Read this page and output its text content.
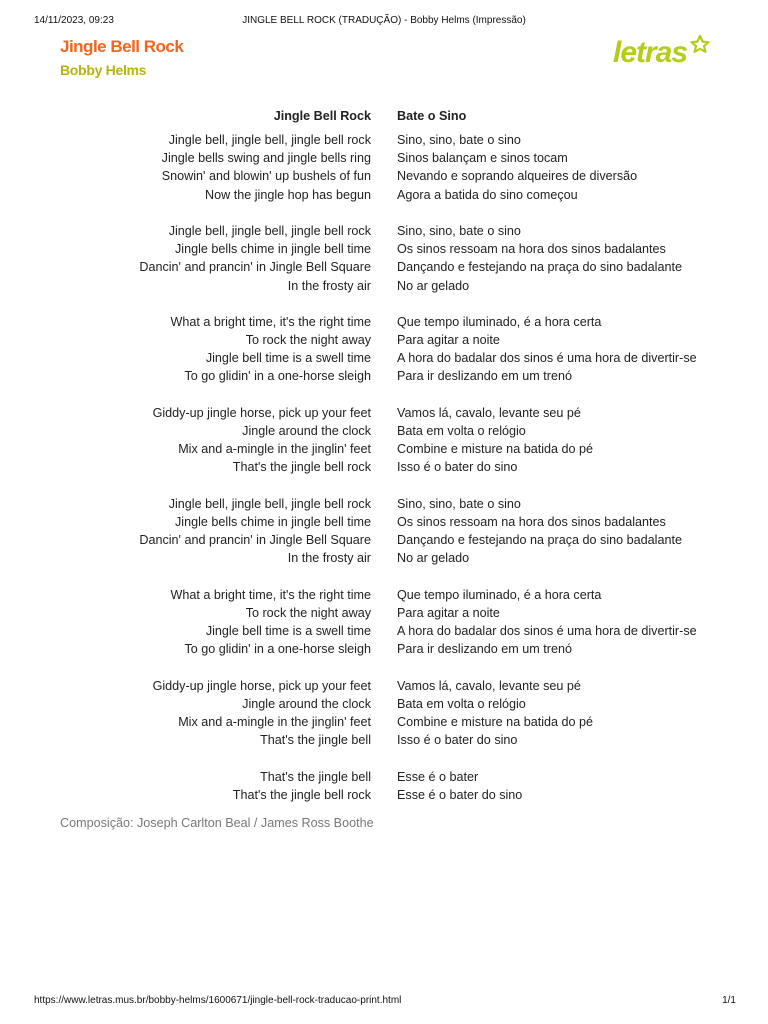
14/11/2023, 09:23	JINGLE BELL ROCK (TRADUÇÃO) - Bobby Helms (Impressão)
Jingle Bell Rock
Bobby Helms
letras
Jingle Bell Rock	Bate o Sino
Jingle bell, jingle bell, jingle bell rock	Sino, sino, bate o sino
Jingle bells swing and jingle bells ring	Sinos balançam e sinos tocam
Snowin' and blowin' up bushels of fun	Nevando e soprando alqueires de diversão
Now the jingle hop has begun	Agora a batida do sino começou
Jingle bell, jingle bell, jingle bell rock	Sino, sino, bate o sino
Jingle bells chime in jingle bell time	Os sinos ressoam na hora dos sinos badalantes
Dancin' and prancin' in Jingle Bell Square	Dançando e festejando na praça do sino badalante
In the frosty air	No ar gelado
What a bright time, it's the right time	Que tempo iluminado, é a hora certa
To rock the night away	Para agitar a noite
Jingle bell time is a swell time	A hora do badalar dos sinos é uma hora de divertir-se
To go glidin' in a one-horse sleigh	Para ir deslizando em um trenó
Giddy-up jingle horse, pick up your feet	Vamos lá, cavalo, levante seu pé
Jingle around the clock	Bata em volta o relógio
Mix and a-mingle in the jinglin' feet	Combine e misture na batida do pé
That's the jingle bell rock	Isso é o bater do sino
Jingle bell, jingle bell, jingle bell rock	Sino, sino, bate o sino
Jingle bells chime in jingle bell time	Os sinos ressoam na hora dos sinos badalantes
Dancin' and prancin' in Jingle Bell Square	Dançando e festejando na praça do sino badalante
In the frosty air	No ar gelado
What a bright time, it's the right time	Que tempo iluminado, é a hora certa
To rock the night away	Para agitar a noite
Jingle bell time is a swell time	A hora do badalar dos sinos é uma hora de divertir-se
To go glidin' in a one-horse sleigh	Para ir deslizando em um trenó
Giddy-up jingle horse, pick up your feet	Vamos lá, cavalo, levante seu pé
Jingle around the clock	Bata em volta o relógio
Mix and a-mingle in the jinglin' feet	Combine e misture na batida do pé
That's the jingle bell	Isso é o bater do sino
That's the jingle bell	Esse é o bater
That's the jingle bell rock	Esse é o bater do sino
Composição: Joseph Carlton Beal / James Ross Boothe
https://www.letras.mus.br/bobby-helms/1600671/jingle-bell-rock-traducao-print.html	1/1
